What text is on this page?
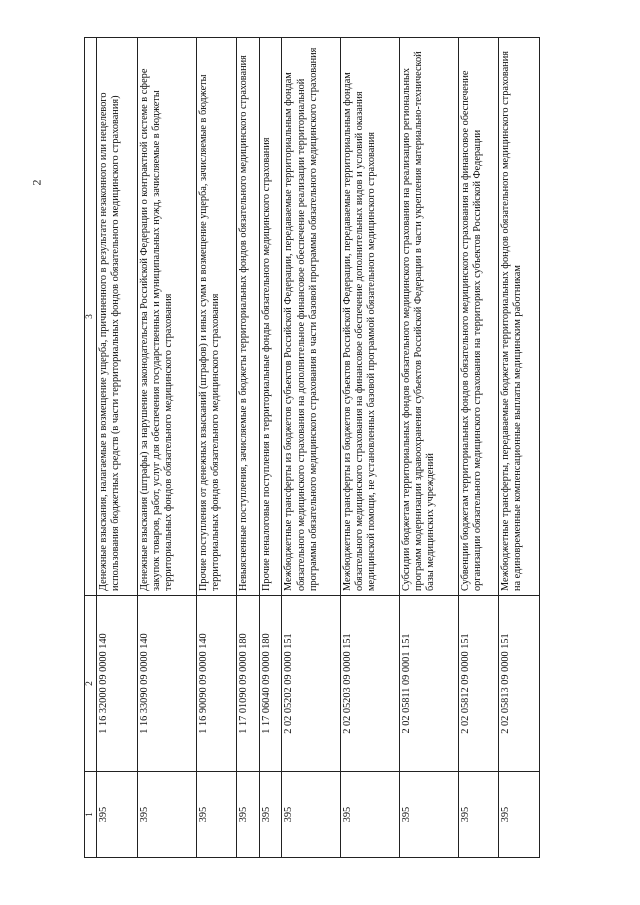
2
1	2	3
395	1 16 32000 09 0000 140	Денежные взыскания, налагаемые в возмещение ущерба, причиненного в результате незаконного или нецелевого использования бюджетных средств (в части территориальных фондов обязательного медицинского страхования)
395	1 16 33090 09 0000 140	Денежные взыскания (штрафы) за нарушение законодательства Российской Федерации о контрактной системе в сфере закупок товаров, работ, услуг для обеспечения государственных и муниципальных нужд, зачисляемые в бюджеты территориальных фондов обязательного медицинского страхования
395	1 16 90090 09 0000 140	Прочие поступления от денежных взысканий (штрафов) и иных сумм в возмещение ущерба, зачисляемые в бюджеты территориальных фондов обязательного медицинского страхования
395	1 17 01090 09 0000 180	Невыясненные поступления, зачисляемые в бюджеты территориальных фондов обязательного медицинского страхования
395	1 17 06040 09 0000 180	Прочие неналоговые поступления в территориальные фонды обязательного медицинского страхования
395	2 02 05202 09 0000 151	Межбюджетные трансферты из бюджетов субъектов Российской Федерации, передаваемые территориальным фондам обязательного медицинского страхования на дополнительное финансовое обеспечение реализации территориальной программы обязательного медицинского страхования в части базовой программы обязательного медицинского страхования
395	2 02 05203 09 0000 151	Межбюджетные трансферты из бюджетов субъектов Российской Федерации, передаваемые территориальным фондам обязательного медицинского страхования на финансовое обеспечение дополнительных видов и условий оказания медицинской помощи, не установленных базовой программой обязательного медицинского страхования
395	2 02 05811 09 0001 151	Субсидии бюджетам территориальных фондов обязательного медицинского страхования на реализацию региональных программ модернизации здравоохранения субъектов Российской Федерации в части укрепления материально-технической базы медицинских учреждений
395	2 02 05812 09 0000 151	Субвенции бюджетам территориальных фондов обязательного медицинского страхования на финансовое обеспечение организации обязательного медицинского страхования на территориях субъектов Российской Федерации
395	2 02 05813 09 0000 151	Межбюджетные трансферты, передаваемые бюджетам территориальных фондов обязательного медицинского страхования на единовременные компенсационные выплаты медицинским работникам
